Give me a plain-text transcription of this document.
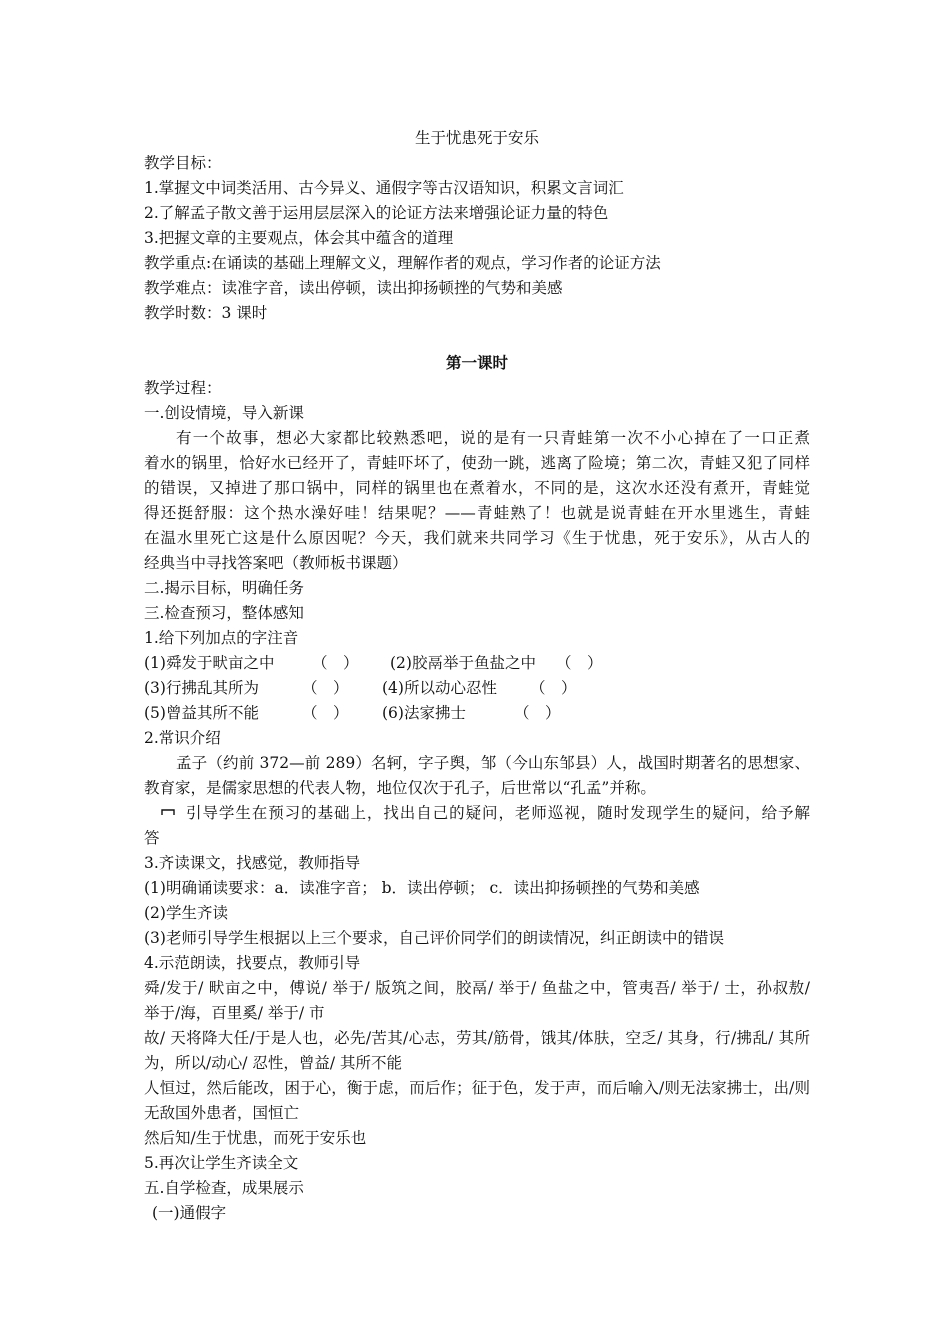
生于忧患死于安乐
教学目标：
1.掌握文中词类活用、古今异义、通假字等古汉语知识，积累文言词汇
2.了解孟子散文善于运用层层深入的论证方法来增强论证力量的特色
3.把握文章的主要观点，体会其中蕴含的道理
教学重点:在诵读的基础上理解文义，理解作者的观点，学习作者的论证方法
教学难点：读准字音，读出停顿，读出抑扬顿挫的气势和美感
教学时数：3 课时
第一课时
教学过程：
一.创设情境，导入新课
有一个故事，想必大家都比较熟悉吧，说的是有一只青蛙第一次不小心掉在了一口正煮
着水的锅里，恰好水已经开了，青蛙吓坏了，使劲一跳，逃离了险境；第二次，青蛙又犯了同样
的错误，又掉进了那口锅中，同样的锅里也在煮着水，不同的是，这次水还没有煮开，青蛙觉
得还挺舒服：这个热水澡好哇！结果呢？——青蛙熟了！也就是说青蛙在开水里逃生，青蛙
在温水里死亡这是什么原因呢？今天，我们就来共同学习《生于忧患，死于安乐》，从古人的
经典当中寻找答案吧（教师板书课题）
二.揭示目标，明确任务
三.检查预习，整体感知
1.给下列加点的字注音
(1)舜发于畎亩之中 （　） (2)胶鬲举于鱼盐之中 （　）
(3)行拂乱其所为	（　） (4)所以动心忍性 （　）
(5)曾益其所不能	（　） (6)法家拂士	（　）
2.常识介绍
孟子（约前 372—前 289）名轲，字子舆，邹（今山东邹县）人，战国时期著名的思想家、
教育家，是儒家思想的代表人物，地位仅次于孔子，后世常以“孔孟”并称。
引导学生在预习的基础上，找出自己的疑问，老师巡视，随时发现学生的疑问，给予解
答
3.齐读课文，找感觉，教师指导
(1)明确诵读要求：a．读准字音； b．读出停顿； c．读出抑扬顿挫的气势和美感
(2)学生齐读
(3)老师引导学生根据以上三个要求，自己评价同学们的朗读情况，纠正朗读中的错误
4.示范朗读，找要点，教师引导
舜/发于/ 畎亩之中，傅说/ 举于/ 版筑之间，胶鬲/ 举于/ 鱼盐之中，管夷吾/ 举于/ 士，孙叔敖/
举于/海，百里奚/ 举于/ 市
故/ 天将降大任/于是人也，必先/苦其/心志，劳其/筋骨，饿其/体肤，空乏/ 其身，行/拂乱/ 其所
为，所以/动心/ 忍性，曾益/ 其所不能
人恒过，然后能改，困于心，衡于虑，而后作；征于色，发于声，而后喻入/则无法家拂士，出/则
无敌国外患者，国恒亡
然后知/生于忧患，而死于安乐也
5.再次让学生齐读全文
五.自学检查，成果展示
(一)通假字
